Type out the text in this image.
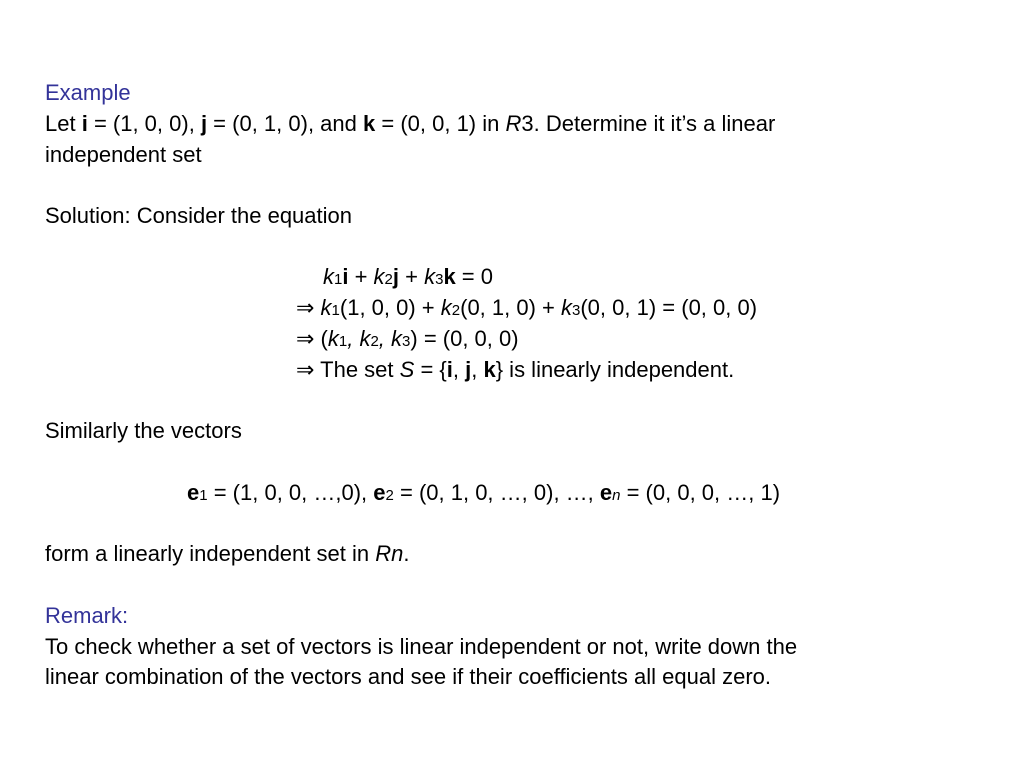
Example
Let i = (1, 0, 0), j = (0, 1, 0), and k = (0, 0, 1) in R3. Determine it it’s a linear
independent set
Solution: Consider the equation
k1i + k2j + k3k = 0
⇒ k1(1, 0, 0) + k2(0, 1, 0) + k3(0, 0, 1) = (0, 0, 0)
⇒ (k1, k2, k3) = (0, 0, 0)
⇒ The set S = {i, j, k} is linearly independent.
Similarly the vectors
e1 = (1, 0, 0, …,0), e2 = (0, 1, 0, …, 0), …, en = (0, 0, 0, …, 1)
form a linearly independent set in Rn.
Remark:
To check whether a set of vectors is linear independent or not, write down the
linear combination of the vectors and see if their coefficients all equal zero.
